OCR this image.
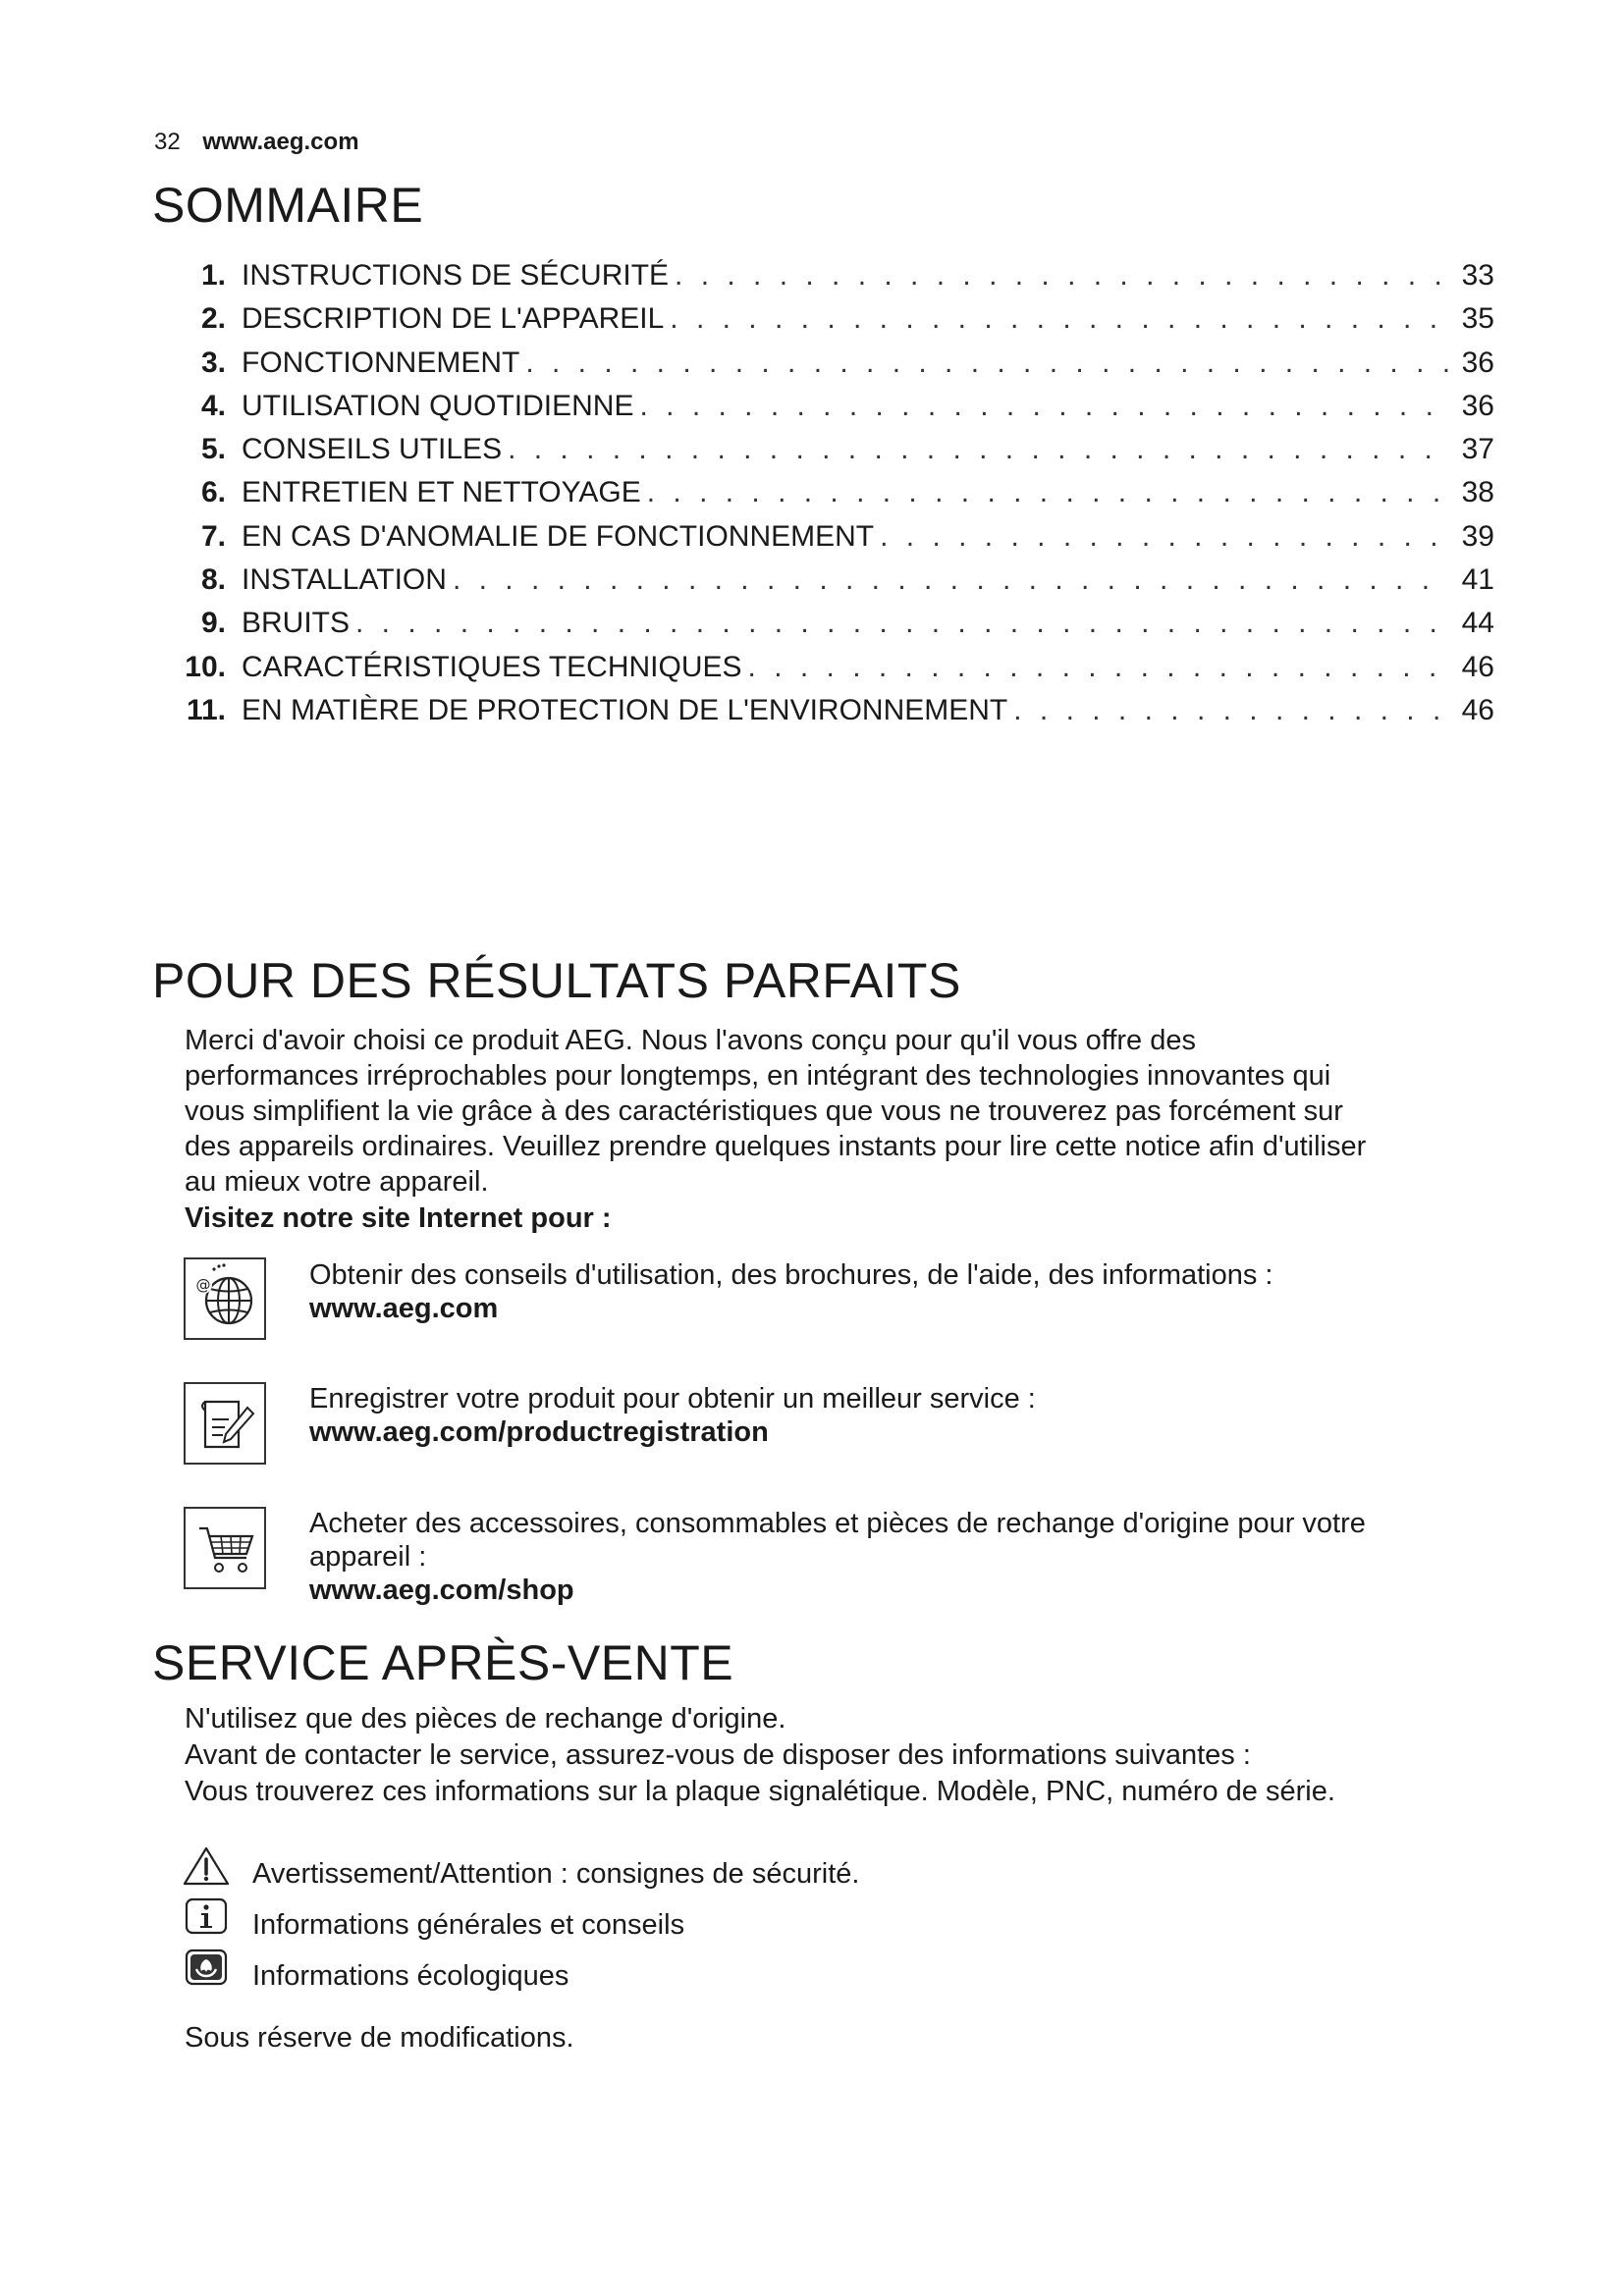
32 www.aeg.com
SOMMAIRE
1. INSTRUCTIONS DE SÉCURITÉ . . .	33
2. DESCRIPTION DE L'APPAREIL . . .	35
3. FONCTIONNEMENT . . .	36
4. UTILISATION QUOTIDIENNE . . .	36
5. CONSEILS UTILES . . .	37
6. ENTRETIEN ET NETTOYAGE . . .	38
7. EN CAS D'ANOMALIE DE FONCTIONNEMENT . . .	39
8. INSTALLATION . . .	41
9. BRUITS . . .	44
10. CARACTÉRISTIQUES TECHNIQUES . . .	46
11. EN MATIÈRE DE PROTECTION DE L'ENVIRONNEMENT . . .	46
POUR DES RÉSULTATS PARFAITS
Merci d'avoir choisi ce produit AEG. Nous l'avons conçu pour qu'il vous offre des
performances irréprochables pour longtemps, en intégrant des technologies innovantes qui
vous simplifient la vie grâce à des caractéristiques que vous ne trouverez pas forcément sur
des appareils ordinaires. Veuillez prendre quelques instants pour lire cette notice afin d'utiliser
au mieux votre appareil.
Visitez notre site Internet pour :
@	Obtenir des conseils d'utilisation, des brochures, de l'aide, des informations :
www.aeg.com
Enregistrer votre produit pour obtenir un meilleur service :
www.aeg.com/productregistration
Acheter des accessoires, consommables et pièces de rechange d'origine pour votre
appareil :
www.aeg.com/shop
SERVICE APRÈS-VENTE
N'utilisez que des pièces de rechange d'origine.
Avant de contacter le service, assurez-vous de disposer des informations suivantes :
Vous trouverez ces informations sur la plaque signalétique. Modèle, PNC, numéro de série.
Avertissement/Attention : consignes de sécurité.
Informations générales et conseils
Informations écologiques
Sous réserve de modifications.
